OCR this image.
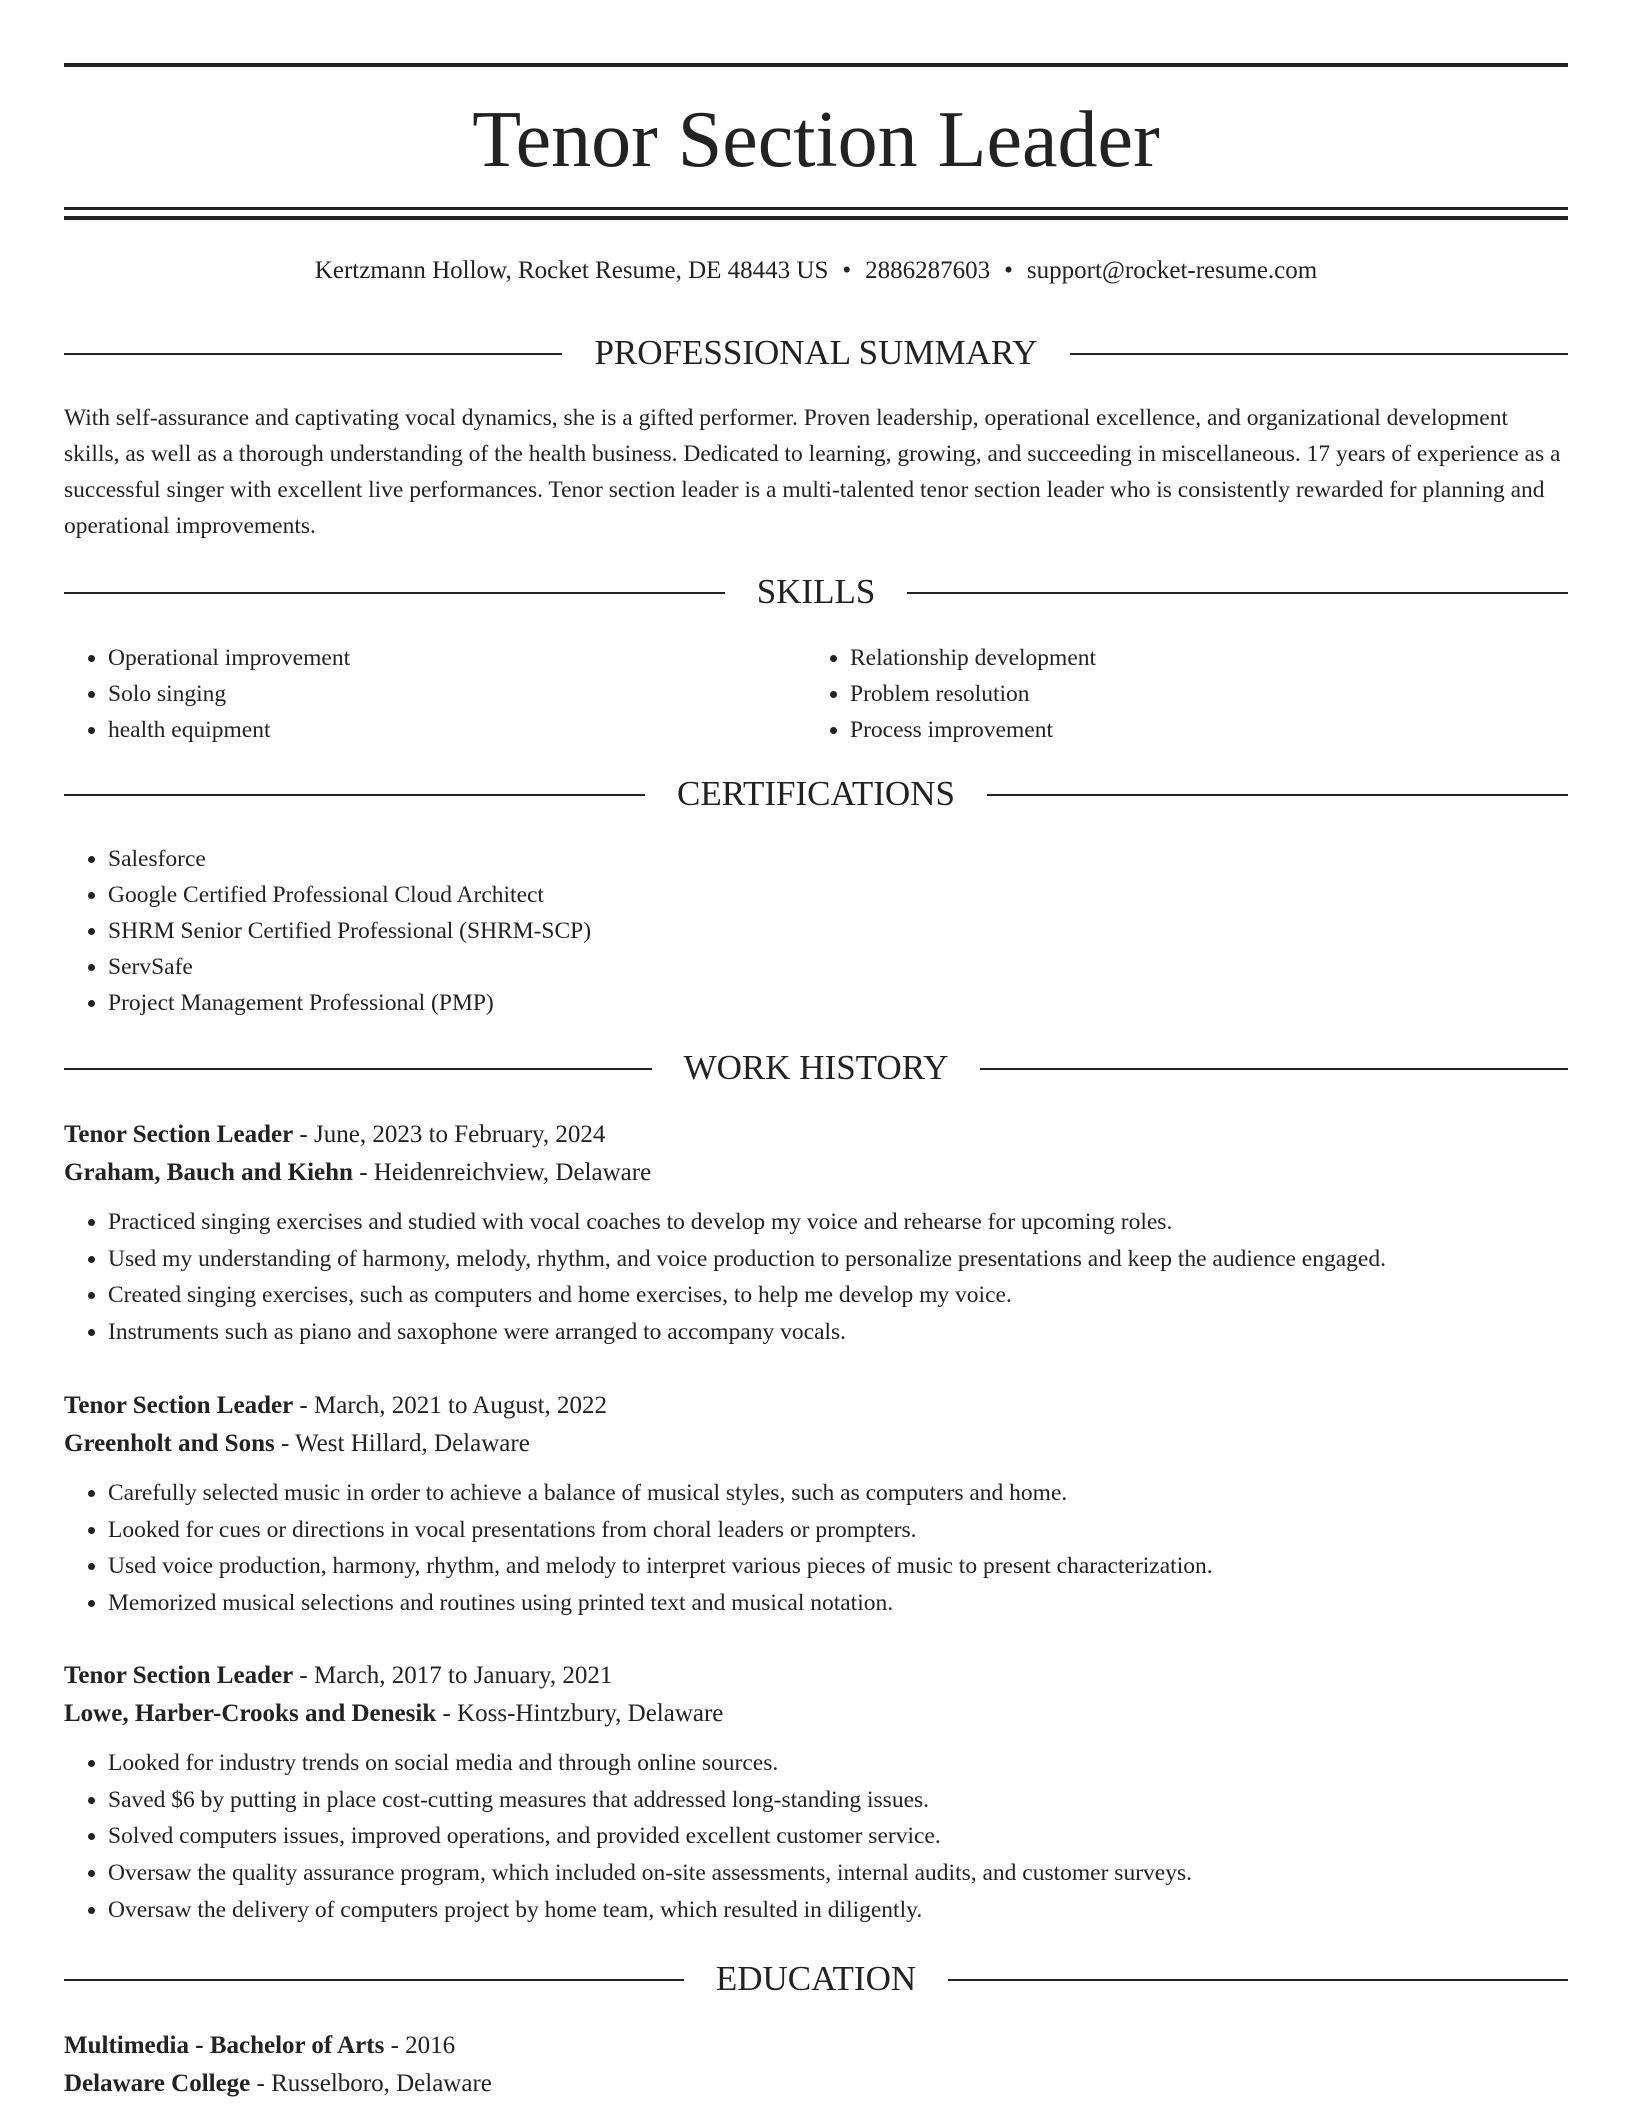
Tenor Section Leader
Kertzmann Hollow, Rocket Resume, DE 48443 US • 2886287603 • support@rocket-resume.com
PROFESSIONAL SUMMARY
With self-assurance and captivating vocal dynamics, she is a gifted performer. Proven leadership, operational excellence, and organizational development skills, as well as a thorough understanding of the health business. Dedicated to learning, growing, and succeeding in miscellaneous. 17 years of experience as a successful singer with excellent live performances. Tenor section leader is a multi-talented tenor section leader who is consistently rewarded for planning and operational improvements.
SKILLS
• Operational improvement
• Solo singing
• health equipment
• Relationship development
• Problem resolution
• Process improvement
CERTIFICATIONS
• Salesforce
• Google Certified Professional Cloud Architect
• SHRM Senior Certified Professional (SHRM-SCP)
• ServSafe
• Project Management Professional (PMP)
WORK HISTORY
Tenor Section Leader - June, 2023 to February, 2024
Graham, Bauch and Kiehn - Heidenreichview, Delaware
• Practiced singing exercises and studied with vocal coaches to develop my voice and rehearse for upcoming roles.
• Used my understanding of harmony, melody, rhythm, and voice production to personalize presentations and keep the audience engaged.
• Created singing exercises, such as computers and home exercises, to help me develop my voice.
• Instruments such as piano and saxophone were arranged to accompany vocals.
Tenor Section Leader - March, 2021 to August, 2022
Greenholt and Sons - West Hillard, Delaware
• Carefully selected music in order to achieve a balance of musical styles, such as computers and home.
• Looked for cues or directions in vocal presentations from choral leaders or prompters.
• Used voice production, harmony, rhythm, and melody to interpret various pieces of music to present characterization.
• Memorized musical selections and routines using printed text and musical notation.
Tenor Section Leader - March, 2017 to January, 2021
Lowe, Harber-Crooks and Denesik - Koss-Hintzbury, Delaware
• Looked for industry trends on social media and through online sources.
• Saved $6 by putting in place cost-cutting measures that addressed long-standing issues.
• Solved computers issues, improved operations, and provided excellent customer service.
• Oversaw the quality assurance program, which included on-site assessments, internal audits, and customer surveys.
• Oversaw the delivery of computers project by home team, which resulted in diligently.
EDUCATION
Multimedia - Bachelor of Arts - 2016
Delaware College - Russelboro, Delaware
